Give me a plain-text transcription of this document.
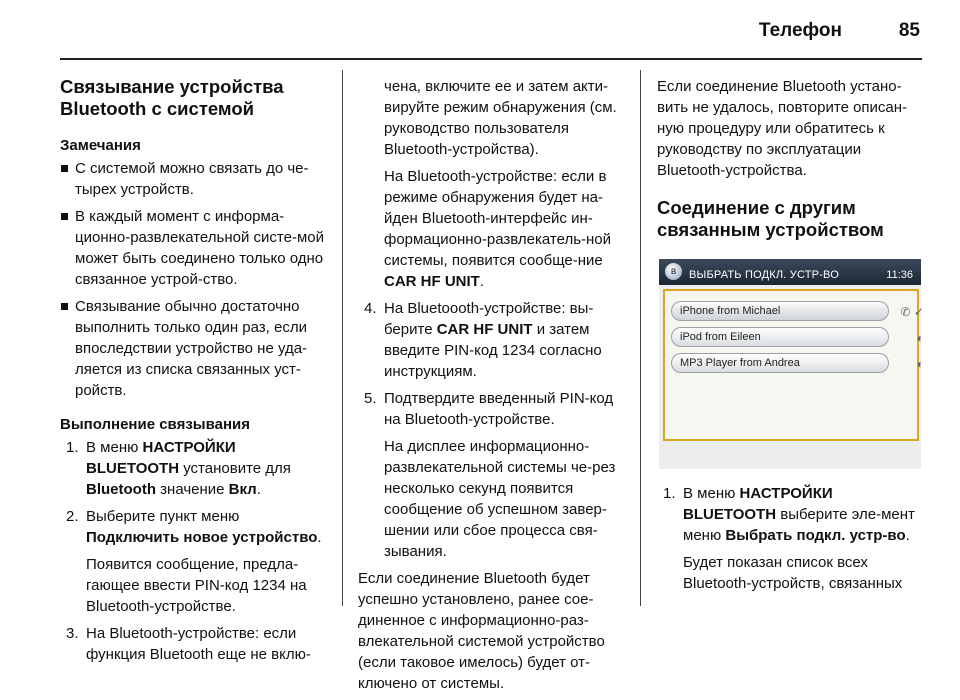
Телефон	85
Связывание устройства
Bluetooth с системой
Замечания
С системой можно связать до че-тырех устройств.
В каждый момент с информа-ционно-развлекательной систе-мой может быть соединено только одно связанное устрой-ство.
Связывание обычно достаточно выполнить только один раз, если впоследствии устройство не уда-ляется из списка связанных уст-ройств.
Выполнение связывания
1. В меню НАСТРОЙКИ BLUETOOTH установите для Bluetooth значение Вкл.
2. Выберите пункт меню Подключить новое устройство.

Появится сообщение, предла-гающее ввести PIN-код 1234 на Bluetooth-устройстве.

3. На Bluetooth-устройстве: если функция Bluetooth еще не вклю-

чена, включите ее и затем акти-вируйте режим обнаружения (см. руководство пользователя Bluetooth-устройства).

На Bluetooth-устройстве: если в режиме обнаружения будет на-йден Bluetooth-интерфейс ин-формационно-развлекатель-ной системы, появится сообще-ние CAR HF UNIT.

4. На Bluetoooth-устройстве: вы-берите CAR HF UNIT и затем введите PIN-код 1234 согласно инструкциям.
5. Подтвердите введенный PIN-код на Bluetooth-устройстве.

На дисплее информационно-развлекательной системы че-рез несколько секунд появится сообщение об успешном завер-шении или сбое процесса свя-зывания.

Если соединение Bluetooth будет успешно установлено, ранее сое-диненное с информационно-раз-влекательной системой устройство (если таковое имелось) будет от-ключено от системы.

Если соединение Bluetooth устано-вить не удалось, повторите описан-ную процедуру или обратитесь к руководству по эксплуатации Bluetooth-устройства.

Соединение с другим
связанным устройством
ʙ	ВЫБРАТЬ ПОДКЛ. УСТР-ВО	11:36
iPhone from Michael	✆ ✓
iPod from Eileen	◐
MP3 Player from Andrea	◐
1. В меню НАСТРОЙКИ BLUETOOTH выберите эле-мент меню Выбрать подкл. устр-во.

Будет показан список всех Bluetooth-устройств, связанных
